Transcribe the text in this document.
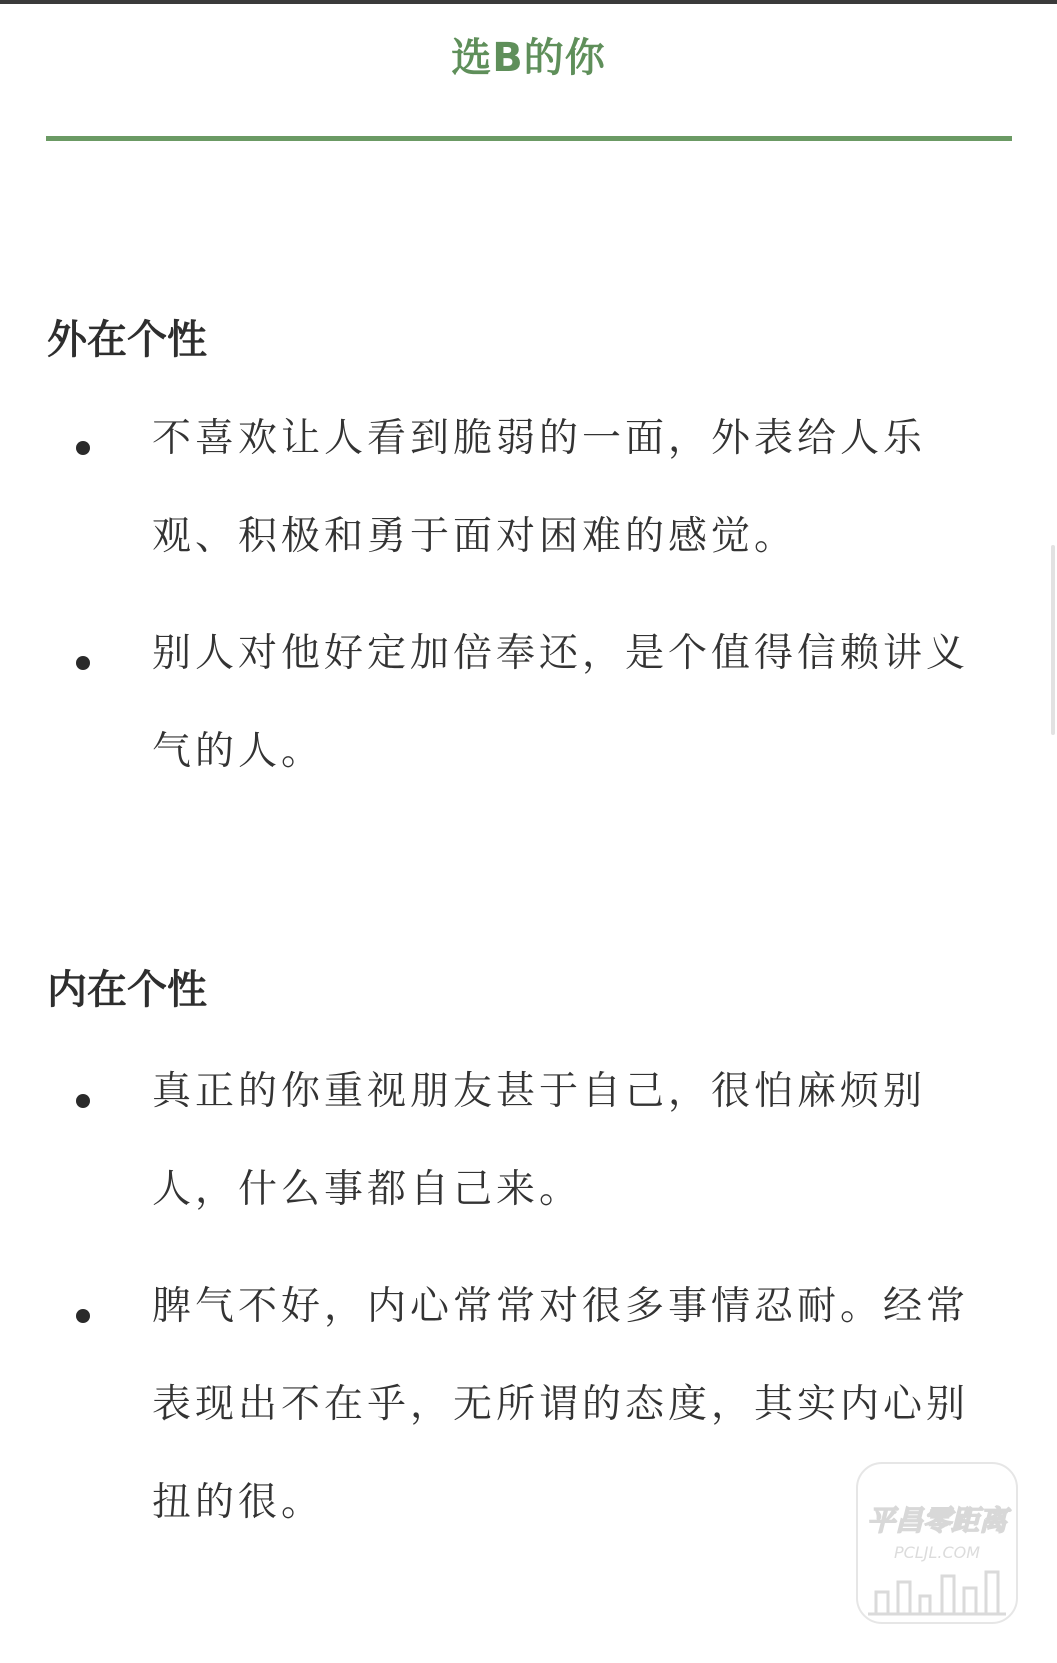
选B的你
外在个性
不喜欢让人看到脆弱的一面，外表给人乐观、积极和勇于面对困难的感觉。
别人对他好定加倍奉还，是个值得信赖讲义气的人。
内在个性
真正的你重视朋友甚于自己，很怕麻烦别人，什么事都自己来。
脾气不好，内心常常对很多事情忍耐。经常表现出不在乎，无所谓的态度，其实内心别扭的很。	平昌零距离
PCLJL.COM
